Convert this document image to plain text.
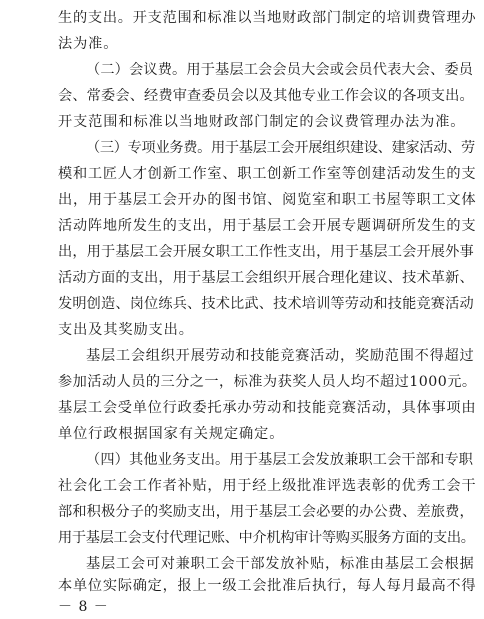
生的支出。开支范围和标准以当地财政部门制定的培训费管理办
法为准。
（二）会议费。用于基层工会会员大会或会员代表大会、委员
会、常委会、经费审查委员会以及其他专业工作会议的各项支出。
开支范围和标准以当地财政部门制定的会议费管理办法为准。
（三）专项业务费。用于基层工会开展组织建设、建家活动、劳
模和工匠人才创新工作室、职工创新工作室等创建活动发生的支
出，用于基层工会开办的图书馆、阅览室和职工书屋等职工文体
活动阵地所发生的支出，用于基层工会开展专题调研所发生的支
出，用于基层工会开展女职工工作性支出，用于基层工会开展外事
活动方面的支出，用于基层工会组织开展合理化建议、技术革新、
发明创造、岗位练兵、技术比武、技术培训等劳动和技能竞赛活动
支出及其奖励支出。
基层工会组织开展劳动和技能竞赛活动，奖励范围不得超过
参加活动人员的三分之一，标准为获奖人员人均不超过1000元。
基层工会受单位行政委托承办劳动和技能竞赛活动，具体事项由
单位行政根据国家有关规定确定。
（四）其他业务支出。用于基层工会发放兼职工会干部和专职
社会化工会工作者补贴，用于经上级批准评选表彰的优秀工会干
部和积极分子的奖励支出，用于基层工会必要的办公费、差旅费，
用于基层工会支付代理记账、中介机构审计等购买服务方面的支出。
基层工会可对兼职工会干部发放补贴，标准由基层工会根据
本单位实际确定，报上一级工会批准后执行，每人每月最高不得
－ 8 －
